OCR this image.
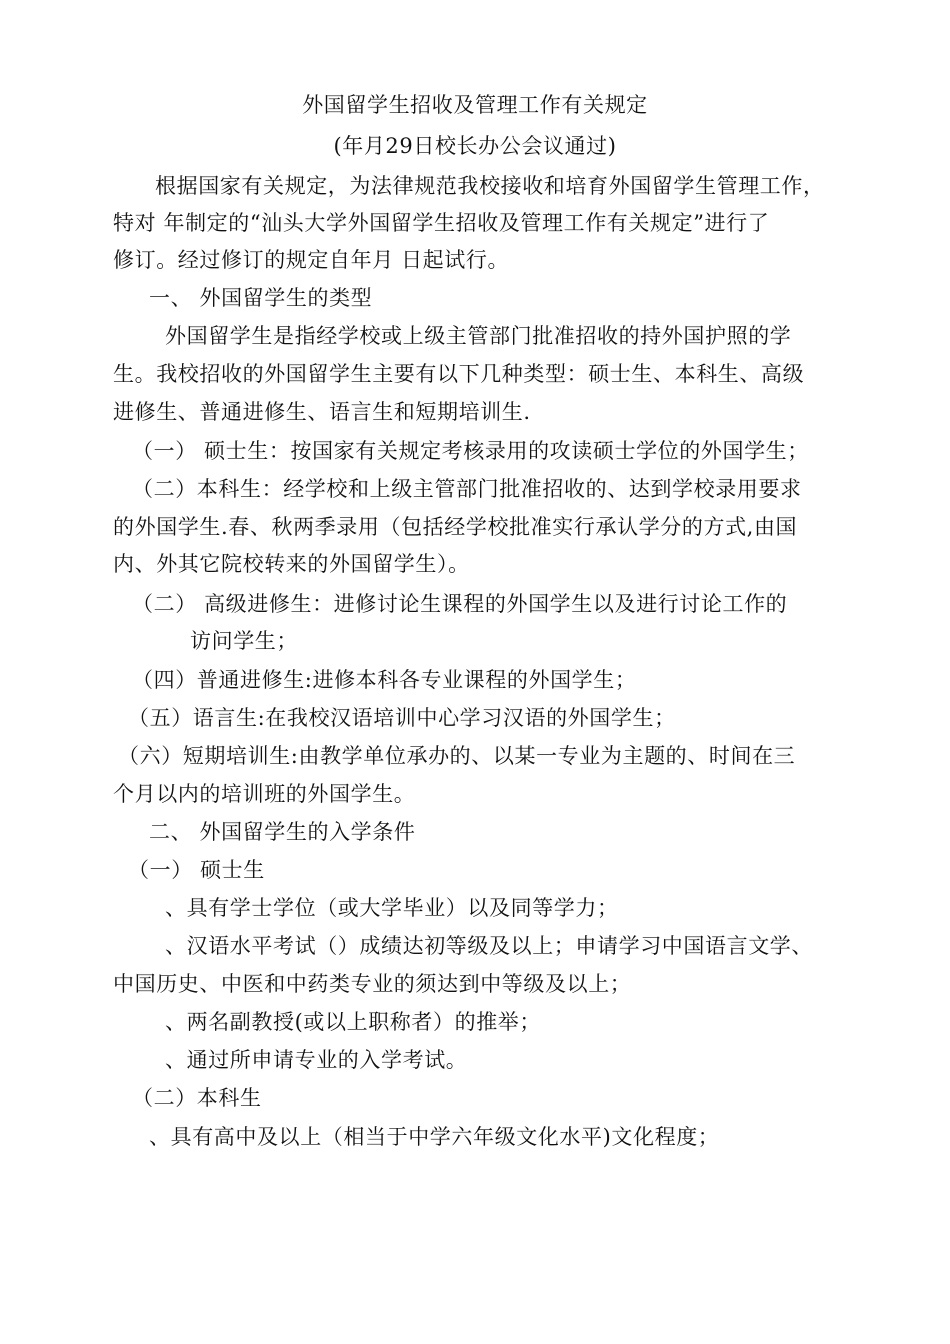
外国留学生招收及管理工作有关规定
(年月29日校长办公会议通过)
根据国家有关规定，为法律规范我校接收和培育外国留学生管理工作，
特对 年制定的“汕头大学外国留学生招收及管理工作有关规定”进行了
修订。经过修订的规定自年月 日起试行。
一、 外国留学生的类型
外国留学生是指经学校或上级主管部门批准招收的持外国护照的学
生。我校招收的外国留学生主要有以下几种类型：硕士生、本科生、高级
进修生、普通进修生、语言生和短期培训生.
（一） 硕士生：按国家有关规定考核录用的攻读硕士学位的外国学生；
（二）本科生：经学校和上级主管部门批准招收的、达到学校录用要求
的外国学生.春、秋两季录用（包括经学校批准实行承认学分的方式,由国
内、外其它院校转来的外国留学生）。
（二） 高级进修生：进修讨论生课程的外国学生以及进行讨论工作的
访问学生；
（四）普通进修生:进修本科各专业课程的外国学生；
（五）语言生:在我校汉语培训中心学习汉语的外国学生；
（六）短期培训生:由教学单位承办的、以某一专业为主题的、时间在三
个月以内的培训班的外国学生。
二、 外国留学生的入学条件
（一） 硕士生
、具有学士学位（或大学毕业）以及同等学力；
、汉语水平考试（）成绩达初等级及以上；申请学习中国语言文学、
中国历史、中医和中药类专业的须达到中等级及以上；
、两名副教授(或以上职称者）的推举；
、通过所申请专业的入学考试。
（二）本科生
、具有高中及以上（相当于中学六年级文化水平)文化程度；
